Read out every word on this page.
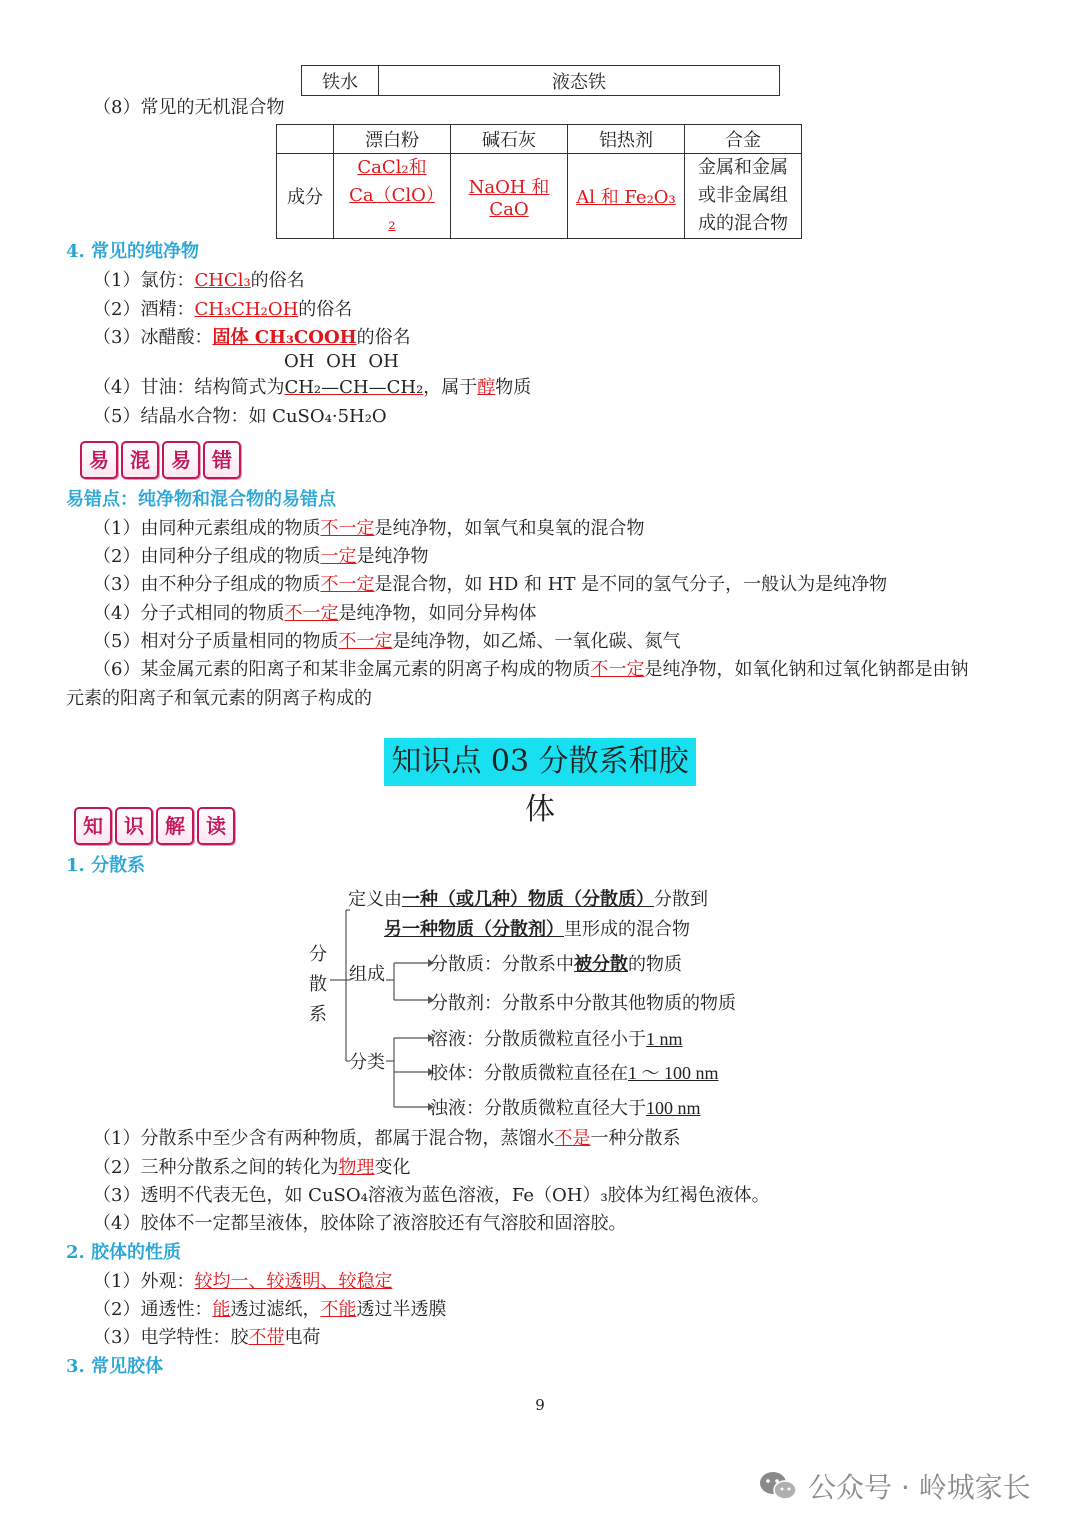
铁水	液态铁
（8）常见的无机混合物
	漂白粉	碱石灰	铝热剂	合金
成分	CaCl₂和Ca（ClO）₂	NaOH 和 CaO	Al 和 Fe₂O₃	金属和金属或非金属组成的混合物
4. 常见的纯净物
（1）氯仿：CHCl₃的俗名
（2）酒精：CH₃CH₂OH的俗名
（3）冰醋酸：固体 CH₃COOH的俗名
OH OH OH
（4）甘油：结构简式为CH₂—CH—CH₂，属于醇物质
（5）结晶水合物：如 CuSO₄·5H₂O
易	混	易	错
易错点：纯净物和混合物的易错点
（1）由同种元素组成的物质不一定是纯净物，如氧气和臭氧的混合物
（2）由同种分子组成的物质一定是纯净物
（3）由不种分子组成的物质不一定是混合物，如 HD 和 HT 是不同的氢气分子，一般认为是纯净物
（4）分子式相同的物质不一定是纯净物，如同分异构体
（5）相对分子质量相同的物质不一定是纯净物，如乙烯、一氧化碳、氮气
（6）某金属元素的阳离子和某非金属元素的阴离子构成的物质不一定是纯净物，如氧化钠和过氧化钠都是由钠
元素的阳离子和氧元素的阴离子构成的
知识点 03 分散系和胶体
知	识	解	读
1. 分散系
分
散
系
定义由一种（或几种）物质（分散质）分散到
另一种物质（分散剂）里形成的混合物
组成	分散质：分散系中被分散的物质
分散剂：分散系中分散其他物质的物质
分类
溶液：分散质微粒直径小于1 nm
胶体：分散质微粒直径在1 ～ 100 nm
浊液：分散质微粒直径大于100 nm
（1）分散系中至少含有两种物质，都属于混合物，蒸馏水不是一种分散系
（2）三种分散系之间的转化为物理变化
（3）透明不代表无色，如 CuSO₄溶液为蓝色溶液，Fe（OH）₃胶体为红褐色液体。
（4）胶体不一定都呈液体，胶体除了液溶胶还有气溶胶和固溶胶。
2. 胶体的性质
（1）外观：较均一、较透明、较稳定
（2）通透性：能透过滤纸，不能透过半透膜
（3）电学特性：胶不带电荷
3. 常见胶体
9
公众号 · 岭城家长
